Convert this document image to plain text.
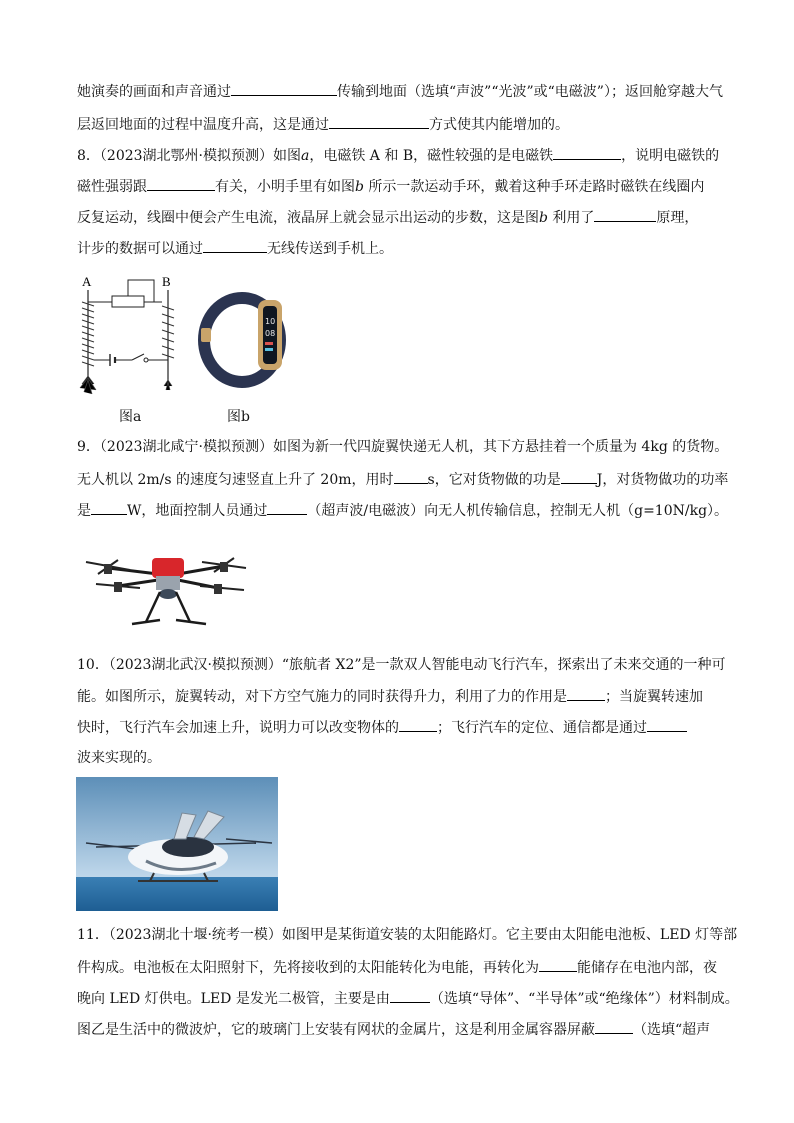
她演奏的画面和声音通过	传输到地面（选填“声波”“光波”或“电磁波”）；返回舱穿越大气
层返回地面的过程中温度升高，这是通过	方式使其内能增加的。
8．（2023湖北鄂州·模拟预测）如图a，电磁铁 A 和 B，磁性较强的是电磁铁	，说明电磁铁的
磁性强弱跟	有关，小明手里有如图b 所示一款运动手环，戴着这种手环走路时磁铁在线圈内
反复运动，线圈中便会产生电流，液晶屏上就会显示出运动的步数，这是图b 利用了	原理，
计步的数据可以通过	无线传送到手机上。
A	B
图a
10
08
图b
9．（2023湖北咸宁·模拟预测）如图为新一代四旋翼快递无人机，其下方悬挂着一个质量为 4kg 的货物。
无人机以 2m/s 的速度匀速竖直上升了 20m，用时 s，它对货物做的功是	J，对货物做功的功率
是	W，地面控制人员通过	（超声波/电磁波）向无人机传输信息，控制无人机（g=10N/kg）。
10．（2023湖北武汉·模拟预测）“旅航者 X2”是一款双人智能电动飞行汽车，探索出了未来交通的一种可
能。如图所示，旋翼转动，对下方空气施力的同时获得升力，利用了力的作用是	；当旋翼转速加
快时，飞行汽车会加速上升，说明力可以改变物体的	；飞行汽车的定位、通信都是通过
波来实现的。
11．（2023湖北十堰·统考一模）如图甲是某街道安装的太阳能路灯。它主要由太阳能电池板、LED 灯等部
件构成。电池板在太阳照射下，先将接收到的太阳能转化为电能，再转化为	能储存在电池内部，夜
晚向 LED 灯供电。LED 是发光二极管，主要是由	（选填“导体”、“半导体”或“绝缘体”）材料制成。
图乙是生活中的微波炉，它的玻璃门上安装有网状的金属片，这是利用金属容器屏蔽	（选填“超声
